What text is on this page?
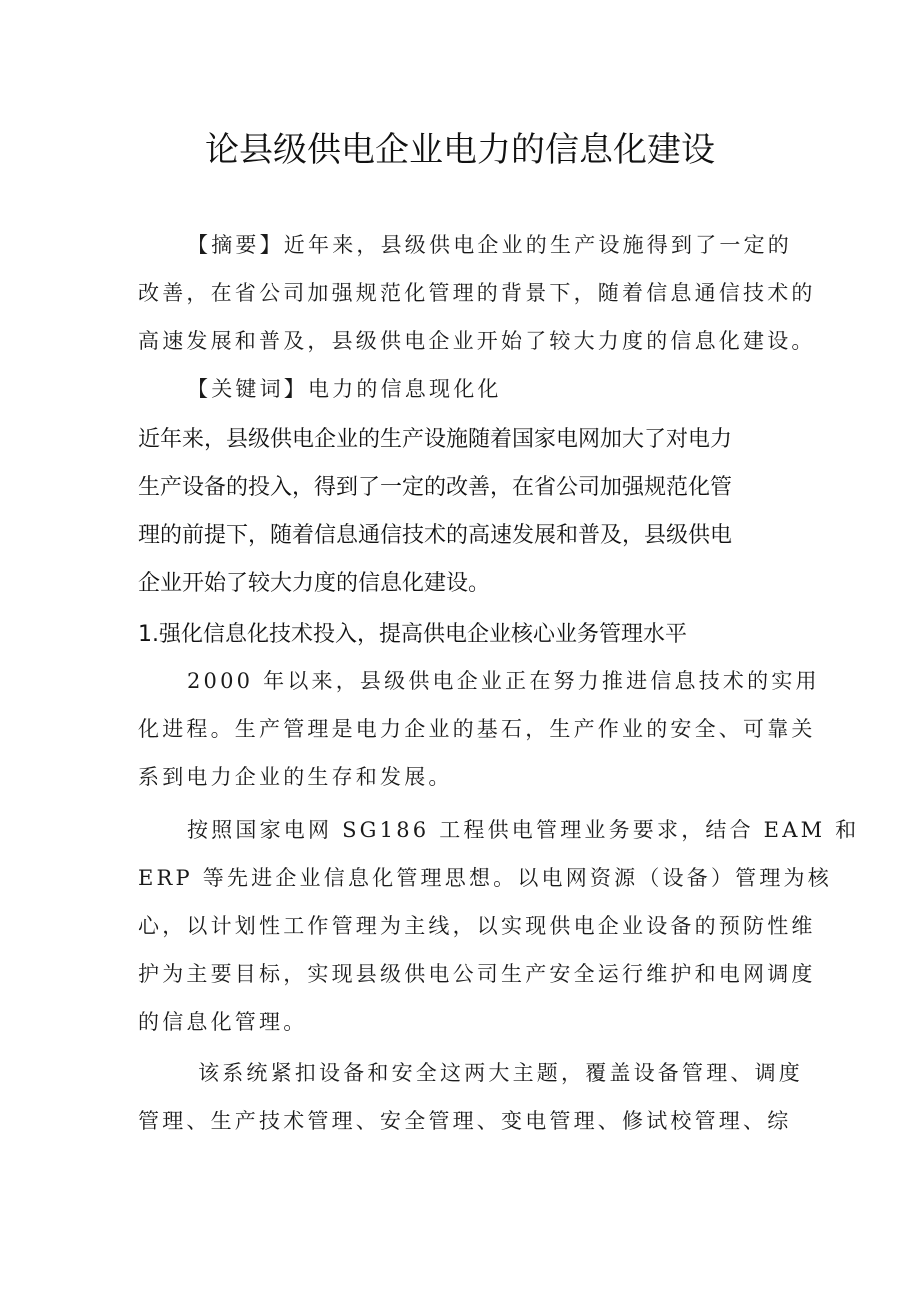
论县级供电企业电力的信息化建设
【摘要】近年来，县级供电企业的生产设施得到了一定的
改善，在省公司加强规范化管理的背景下，随着信息通信技术的
高速发展和普及，县级供电企业开始了较大力度的信息化建设。
【关键词】电力的信息现化化
近年来，县级供电企业的生产设施随着国家电网加大了对电力
生产设备的投入，得到了一定的改善，在省公司加强规范化管
理的前提下，随着信息通信技术的高速发展和普及，县级供电
企业开始了较大力度的信息化建设。
1.强化信息化技术投入，提高供电企业核心业务管理水平
2000 年以来，县级供电企业正在努力推进信息技术的实用
化进程。生产管理是电力企业的基石，生产作业的安全、可靠关
系到电力企业的生存和发展。
按照国家电网 SG186 工程供电管理业务要求，结合 EAM 和
ERP 等先进企业信息化管理思想。以电网资源（设备）管理为核
心，以计划性工作管理为主线，以实现供电企业设备的预防性维
护为主要目标，实现县级供电公司生产安全运行维护和电网调度
的信息化管理。
该系统紧扣设备和安全这两大主题，覆盖设备管理、调度
管理、生产技术管理、安全管理、变电管理、修试校管理、综
